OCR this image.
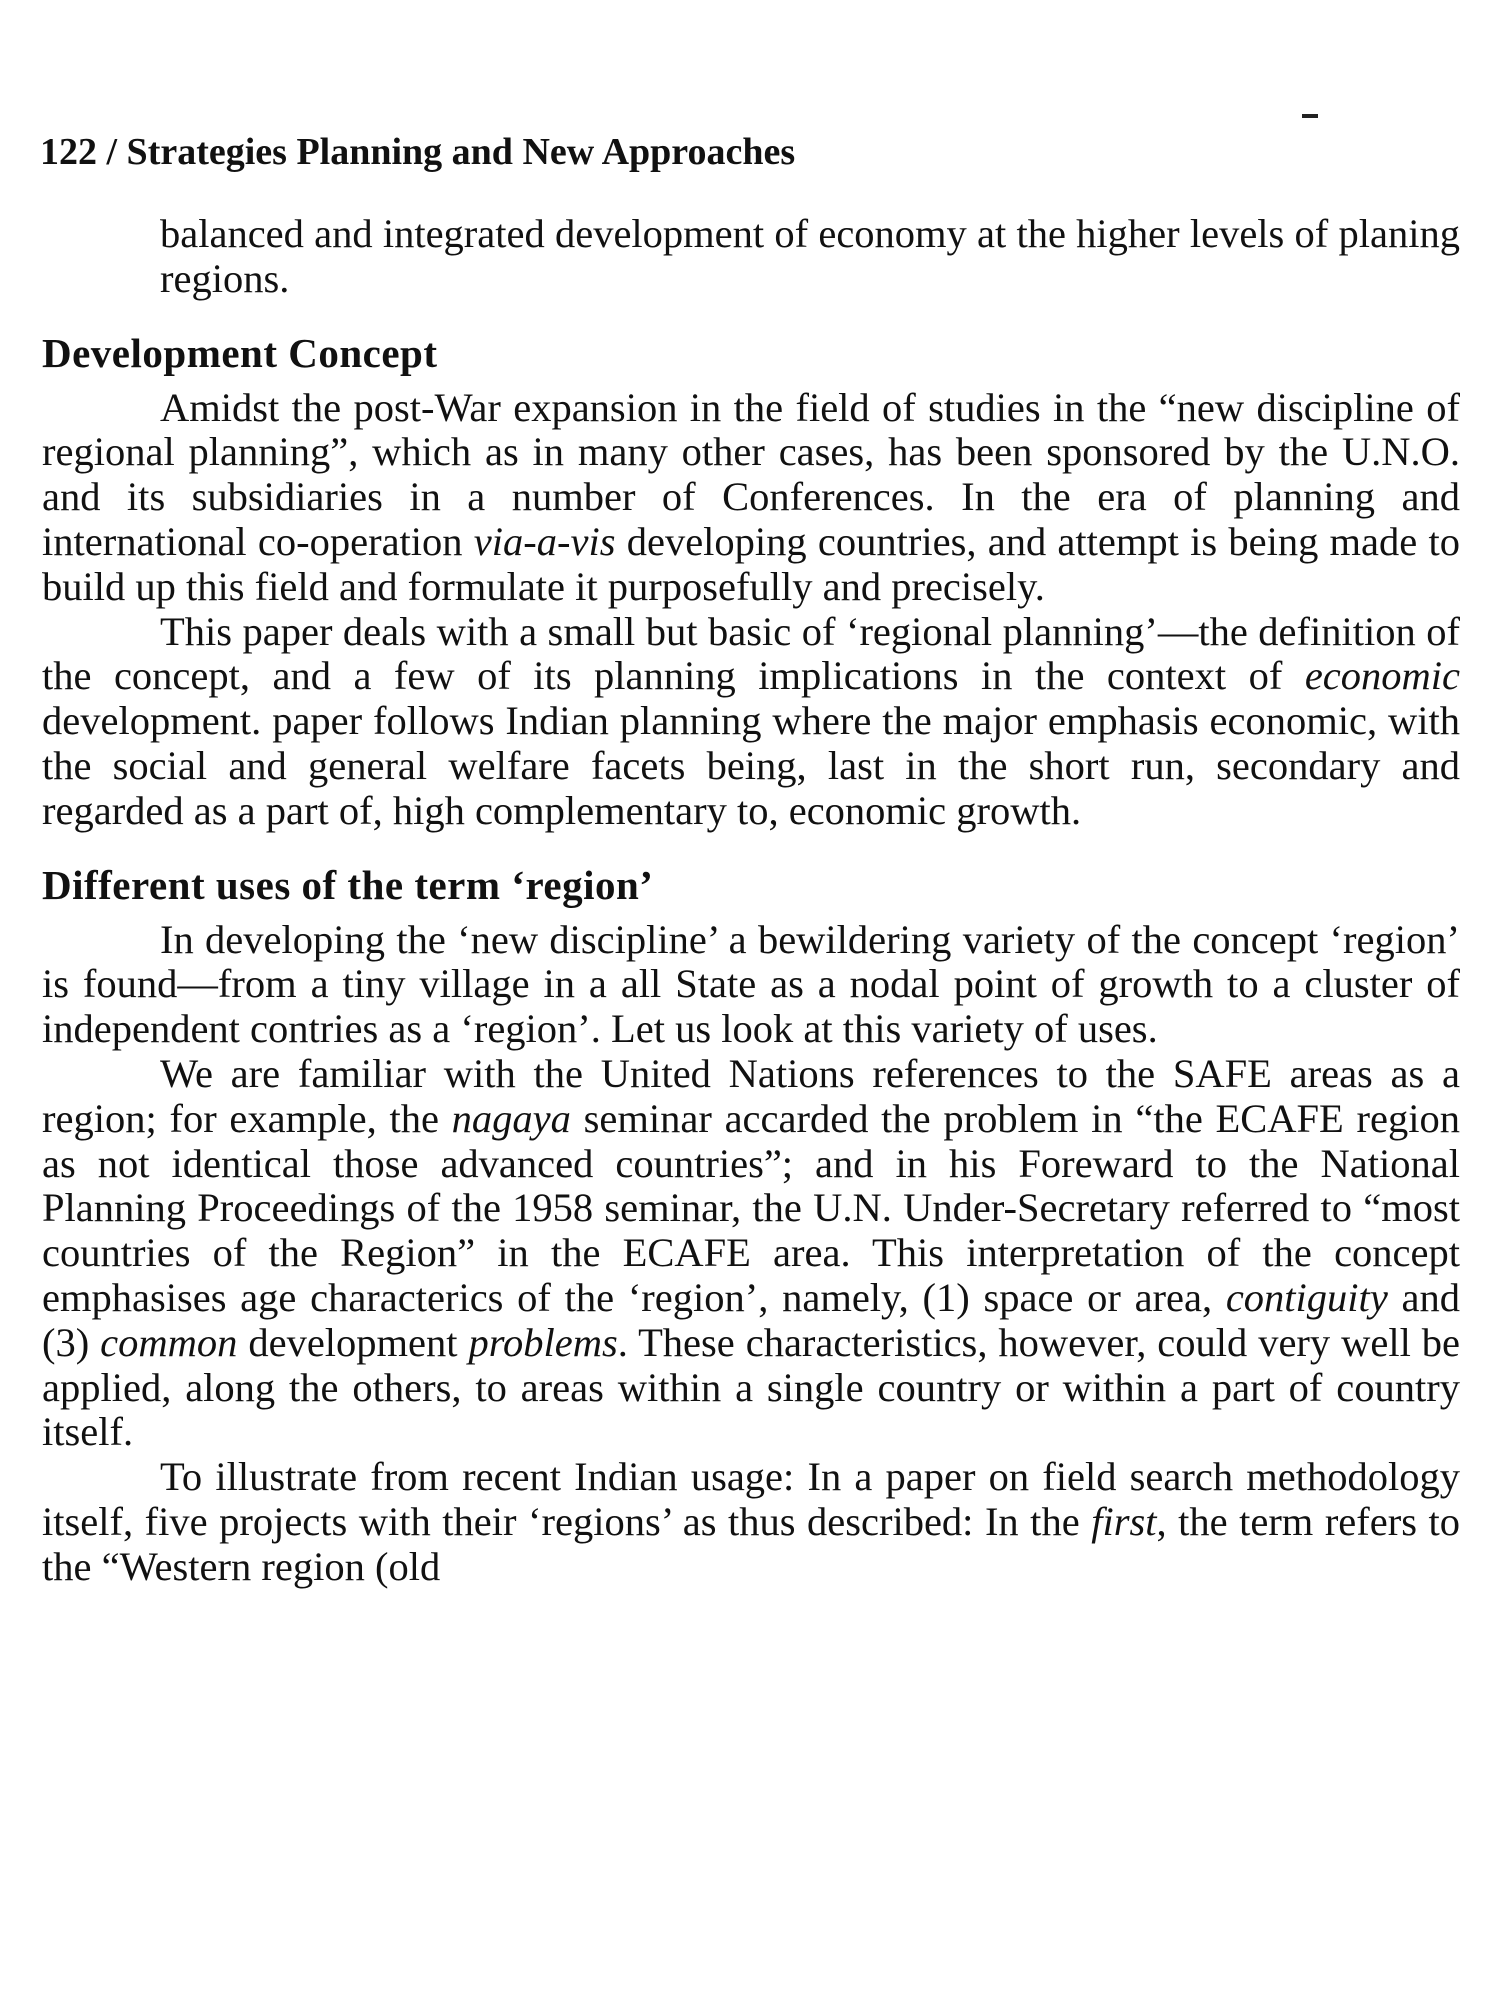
122 / Strategies Planning and New Approaches

balanced and integrated development of economy at the higher levels of planing regions.

Development Concept

Amidst the post-War expansion in the field of studies in the “new discipline of regional planning”, which as in many other cases, has been sponsored by the U.N.O. and its subsidiaries in a number of Conferences. In the era of planning and international co-operation via-a-vis developing countries, and attempt is being made to build up this field and formulate it purposefully and precisely.

This paper deals with a small but basic of ‘regional planning’—the definition of the concept, and a few of its planning implications in the context of economic development. paper follows Indian planning where the major emphasis economic, with the social and general welfare facets being, last in the short run, secondary and regarded as a part of, high complementary to, economic growth.

Different uses of the term ‘region’

In developing the ‘new discipline’ a bewildering variety of the concept ‘region’ is found—from a tiny village in a all State as a nodal point of growth to a cluster of independent contries as a ‘region’. Let us look at this variety of uses.

We are familiar with the United Nations references to the SAFE areas as a region; for example, the nagaya seminar accarded the problem in “the ECAFE region as not identical those advanced countries”; and in his Foreward to the National Planning Proceedings of the 1958 seminar, the U.N. Under-Secretary referred to “most countries of the Region” in the ECAFE area. This interpretation of the concept emphasises age characterics of the ‘region’, namely, (1) space or area, contiguity and (3) common development problems. These characteristics, however, could very well be applied, along the others, to areas within a single country or within a part of country itself.

To illustrate from recent Indian usage: In a paper on field search methodology itself, five projects with their ‘regions’ as thus described: In the first, the term refers to the “Western region (old
